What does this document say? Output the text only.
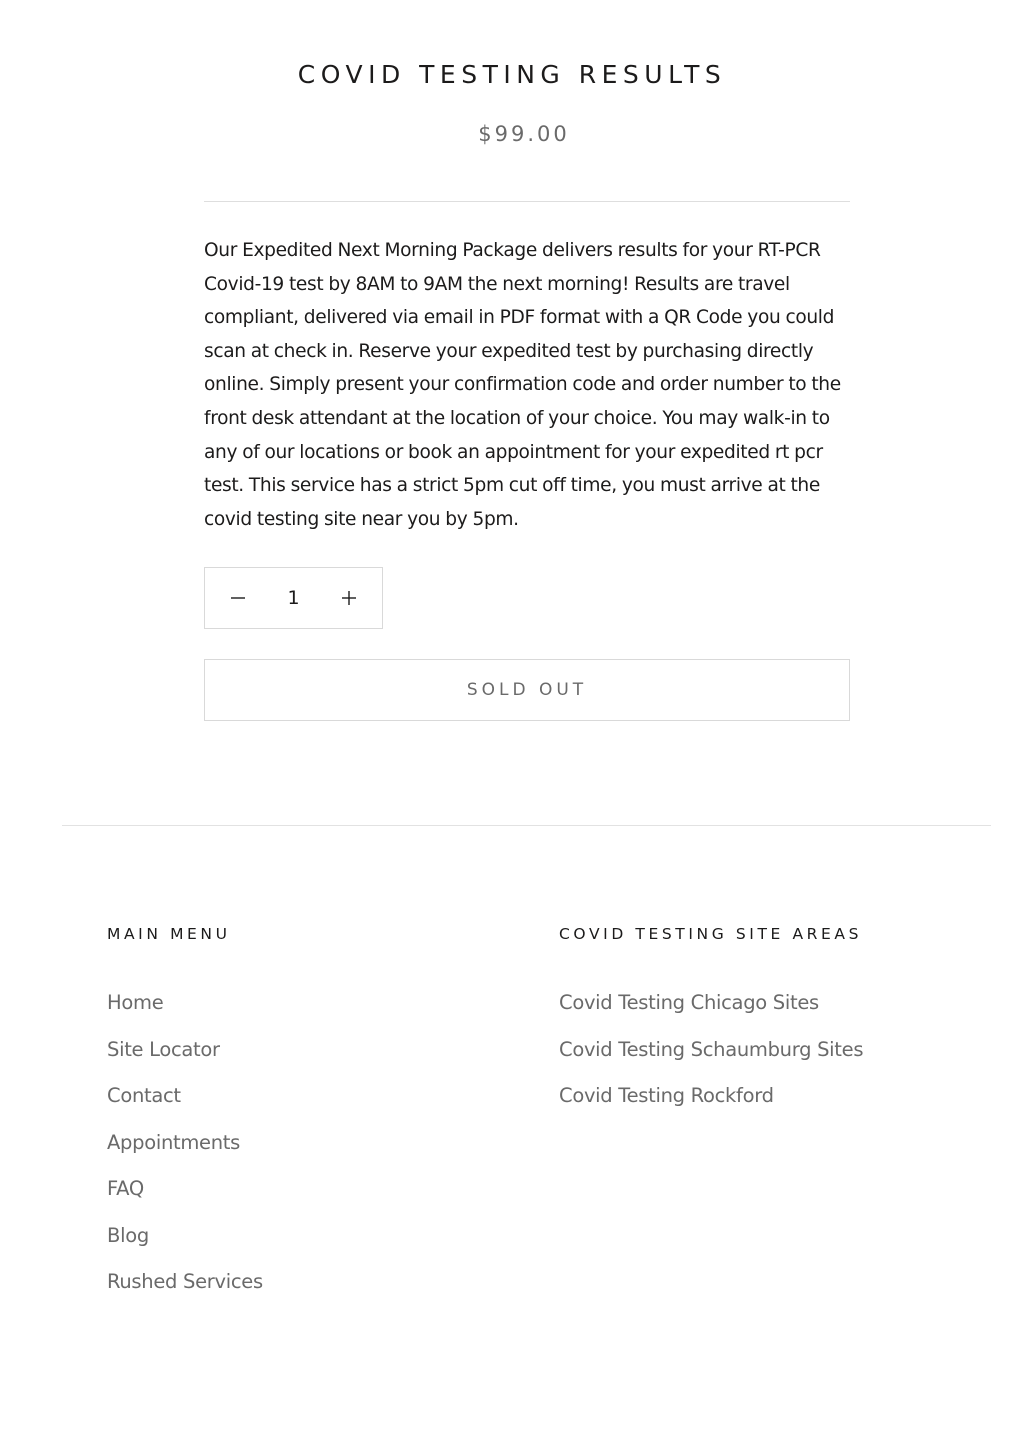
COVID TESTING RESULTS
$99.00

Our Expedited Next Morning Package delivers results for your RT-PCR Covid-19 test by 8AM to 9AM the next morning! Results are travel compliant, delivered via email in PDF format with a QR Code you could scan at check in. Reserve your expedited test by purchasing directly online. Simply present your confirmation code and order number to the front desk attendant at the location of your choice. You may walk-in to any of our locations or book an appointment for your expedited rt pcr test. This service has a strict 5pm cut off time, you must arrive at the covid testing site near you by 5pm.

1
SOLD OUT
MAIN MENU
Home
Site Locator
Contact
Appointments
FAQ
Blog
Rushed Services
COVID TESTING SITE AREAS
Covid Testing Chicago Sites
Covid Testing Schaumburg Sites
Covid Testing Rockford
